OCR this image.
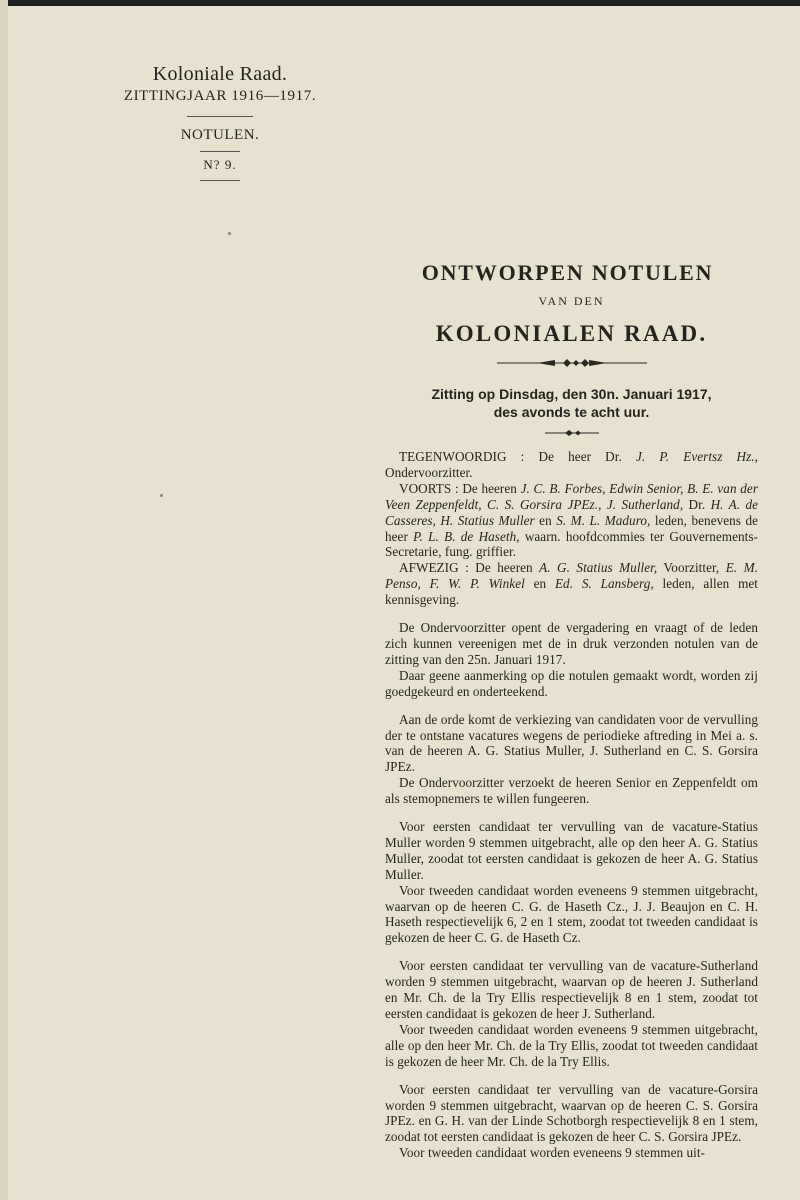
Koloniale Raad.
ZITTINGJAAR 1916—1917.
NOTULEN.
N? 9.
ONTWORPEN NOTULEN
VAN DEN
KOLONIALEN RAAD.
Zitting op Dinsdag, den 30n. Januari 1917,
des avonds te acht uur.

TEGENWOORDIG : De heer Dr. J. P. Evertsz Hz., Ondervoorzitter.

VOORTS : De heeren J. C. B. Forbes, Edwin Senior, B. E. van der Veen Zeppenfeldt, C. S. Gorsira JPEz., J. Sutherland, Dr. H. A. de Casseres, H. Statius Muller en S. M. L. Maduro, leden, benevens de heer P. L. B. de Haseth, waarn. hoofdcommies ter Gouvernements-Secretarie, fung. griffier.

AFWEZIG : De heeren A. G. Statius Muller, Voorzitter, E. M. Penso, F. W. P. Winkel en Ed. S. Lansberg, leden, allen met kennisgeving.

De Ondervoorzitter opent de vergadering en vraagt of de leden zich kunnen vereenigen met de in druk verzonden notulen van de zitting van den 25n. Januari 1917.

Daar geene aanmerking op die notulen gemaakt wordt, worden zij goedgekeurd en onderteekend.

Aan de orde komt de verkiezing van candidaten voor de vervulling der te ontstane vacatures wegens de periodieke aftreding in Mei a. s. van de heeren A. G. Statius Muller, J. Sutherland en C. S. Gorsira JPEz.

De Ondervoorzitter verzoekt de heeren Senior en Zeppenfeldt om als stemopnemers te willen fungeeren.

Voor eersten candidaat ter vervulling van de vacature-Statius Muller worden 9 stemmen uitgebracht, alle op den heer A. G. Statius Muller, zoodat tot eersten candidaat is gekozen de heer A. G. Statius Muller.

Voor tweeden candidaat worden eveneens 9 stemmen uitgebracht, waarvan op de heeren C. G. de Haseth Cz., J. J. Beaujon en C. H. Haseth respectievelijk 6, 2 en 1 stem, zoodat tot tweeden candidaat is gekozen de heer C. G. de Haseth Cz.

Voor eersten candidaat ter vervulling van de vacature-Sutherland worden 9 stemmen uitgebracht, waarvan op de heeren J. Sutherland en Mr. Ch. de la Try Ellis respectievelijk 8 en 1 stem, zoodat tot eersten candidaat is gekozen de heer J. Sutherland.

Voor tweeden candidaat worden eveneens 9 stemmen uitgebracht, alle op den heer Mr. Ch. de la Try Ellis, zoodat tot tweeden candidaat is gekozen de heer Mr. Ch. de la Try Ellis.

Voor eersten candidaat ter vervulling van de vacature-Gorsira worden 9 stemmen uitgebracht, waarvan op de heeren C. S. Gorsira JPEz. en G. H. van der Linde Schotborgh respectievelijk 8 en 1 stem, zoodat tot eersten candidaat is gekozen de heer C. S. Gorsira JPEz.

Voor tweeden candidaat worden eveneens 9 stemmen uit-
